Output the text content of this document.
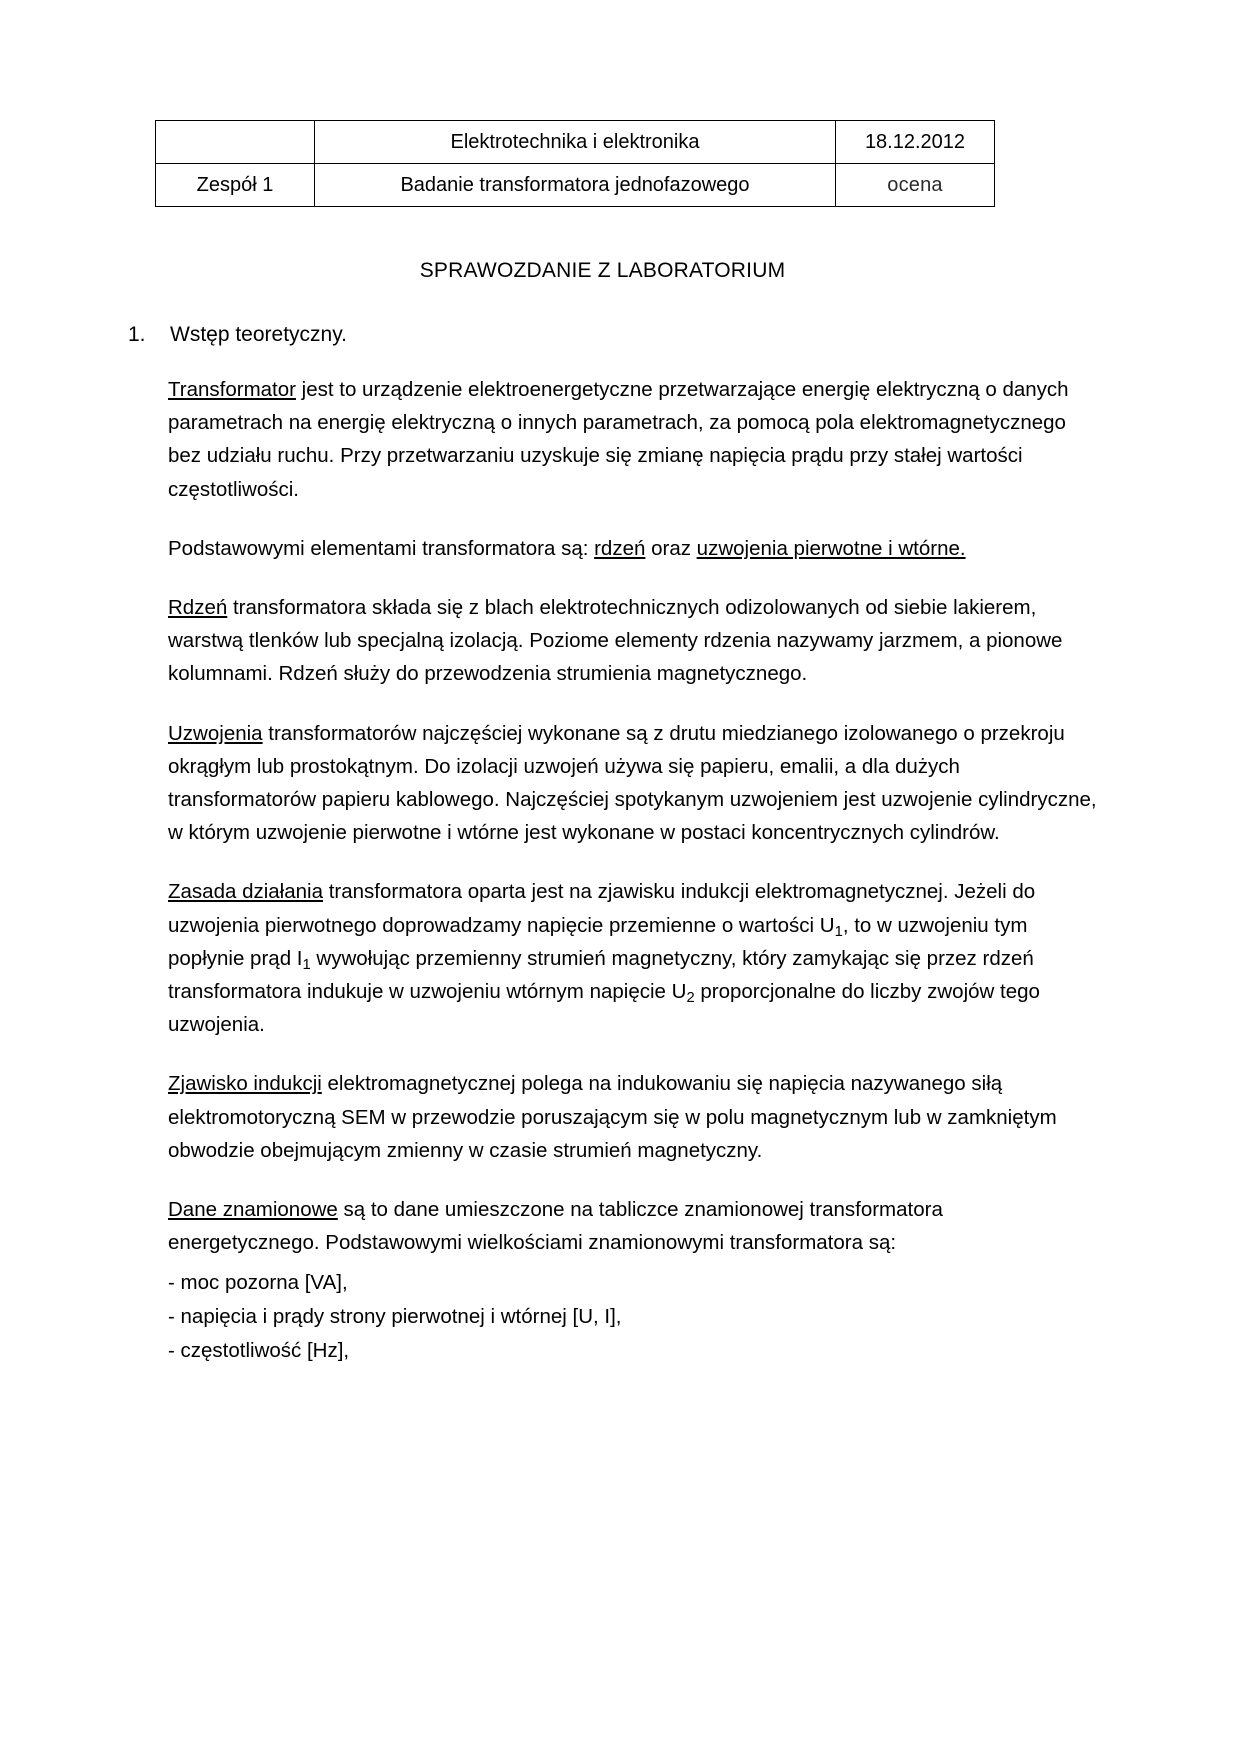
	Elektrotechnika i elektronika	18.12.2012
Zespół 1	Badanie transformatora jednofazowego	ocena
SPRAWOZDANIE Z LABORATORIUM
1.	Wstęp teoretyczny.

Transformator jest to urządzenie elektroenergetyczne przetwarzające energię elektryczną o danych parametrach na energię elektryczną o innych parametrach, za pomocą pola elektromagnetycznego bez udziału ruchu. Przy przetwarzaniu uzyskuje się zmianę napięcia prądu przy stałej wartości częstotliwości.

Podstawowymi elementami transformatora są: rdzeń oraz uzwojenia pierwotne i wtórne.

Rdzeń transformatora składa się z blach elektrotechnicznych odizolowanych od siebie lakierem, warstwą tlenków lub specjalną izolacją. Poziome elementy rdzenia nazywamy jarzmem, a pionowe kolumnami. Rdzeń służy do przewodzenia strumienia magnetycznego.

Uzwojenia transformatorów najczęściej wykonane są z drutu miedzianego izolowanego o przekroju okrągłym lub prostokątnym. Do izolacji uzwojeń używa się papieru, emalii, a dla dużych transformatorów papieru kablowego. Najczęściej spotykanym uzwojeniem jest uzwojenie cylindryczne, w którym uzwojenie pierwotne i wtórne jest wykonane w postaci koncentrycznych cylindrów.

Zasada działania transformatora oparta jest na zjawisku indukcji elektromagnetycznej. Jeżeli do uzwojenia pierwotnego doprowadzamy napięcie przemienne o wartości $U_1$, to w uzwojeniu tym popłynie prąd $I_1$ wywołując przemienny strumień magnetyczny, który zamykając się przez rdzeń transformatora indukuje w uzwojeniu wtórnym napięcie $U_2$ proporcjonalne do liczby zwojów tego uzwojenia.

Zjawisko indukcji elektromagnetycznej polega na indukowaniu się napięcia nazywanego siłą elektromotoryczną SEM w przewodzie poruszającym się w polu magnetycznym lub w zamkniętym obwodzie obejmującym zmienny w czasie strumień magnetyczny.

Dane znamionowe są to dane umieszczone na tabliczce znamionowej transformatora energetycznego. Podstawowymi wielkościami znamionowymi transformatora są:

- moc pozorna [VA],
- napięcia i prądy strony pierwotnej i wtórnej [U, I],
- częstotliwość [Hz],
